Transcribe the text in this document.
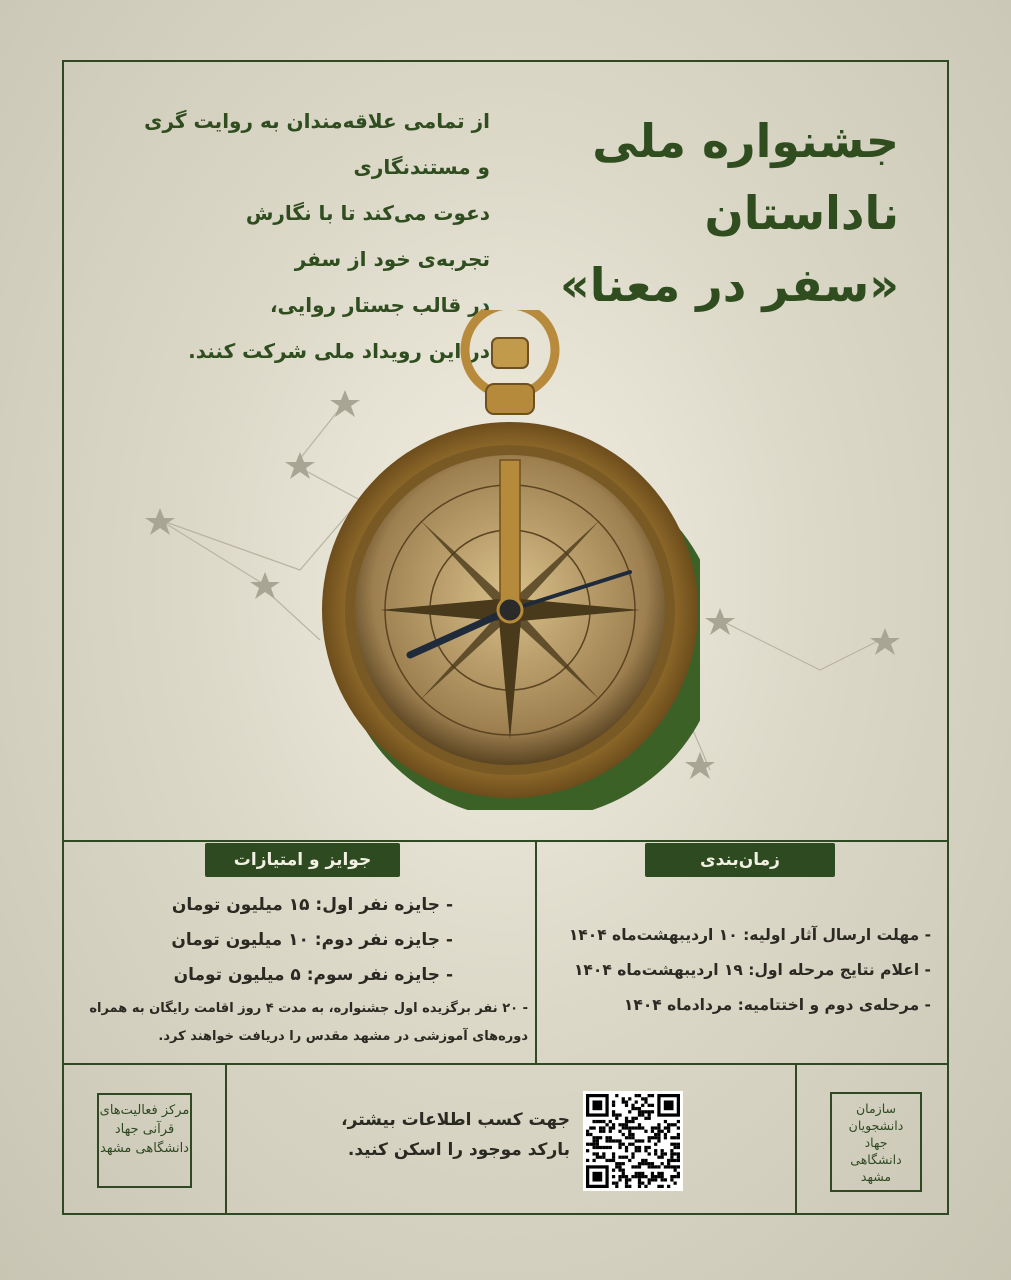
جشنواره ملی
ناداستان
«سفر در معنا»
از تمامی علاقه‌مندان به روایت گری
و مستندنگاری
دعوت می‌کند تا با نگارش
تجربه‌ی خود از سفر
در قالب جستار روایی،
در این رویداد ملی شرکت کنند.
زمان‌بندی
- مهلت ارسال آثار اولیه: ۱۰ اردیبهشت‌ماه ۱۴۰۴
- اعلام نتایج مرحله اول: ۱۹ اردیبهشت‌ماه ۱۴۰۴
- مرحله‌ی دوم و اختتامیه: مردادماه ۱۴۰۴
جوایز و امتیازات
- جایزه نفر اول: ۱۵ میلیون تومان
- جایزه نفر دوم: ۱۰ میلیون تومان
- جایزه نفر سوم: ۵ میلیون تومان
- ۲۰ نفر برگزیده اول جشنواره، به مدت ۴ روز اقامت رایگان به همراه دوره‌های آموزشی در مشهد مقدس را دریافت خواهند کرد.
مرکز فعالیت‌های
قرآنی جهاد
دانشگاهی مشهد
جهت کسب اطلاعات بیشتر،
بارکد موجود را اسکن کنید.
سازمان
دانشجویان
جهاد
دانشگاهی
مشهد
